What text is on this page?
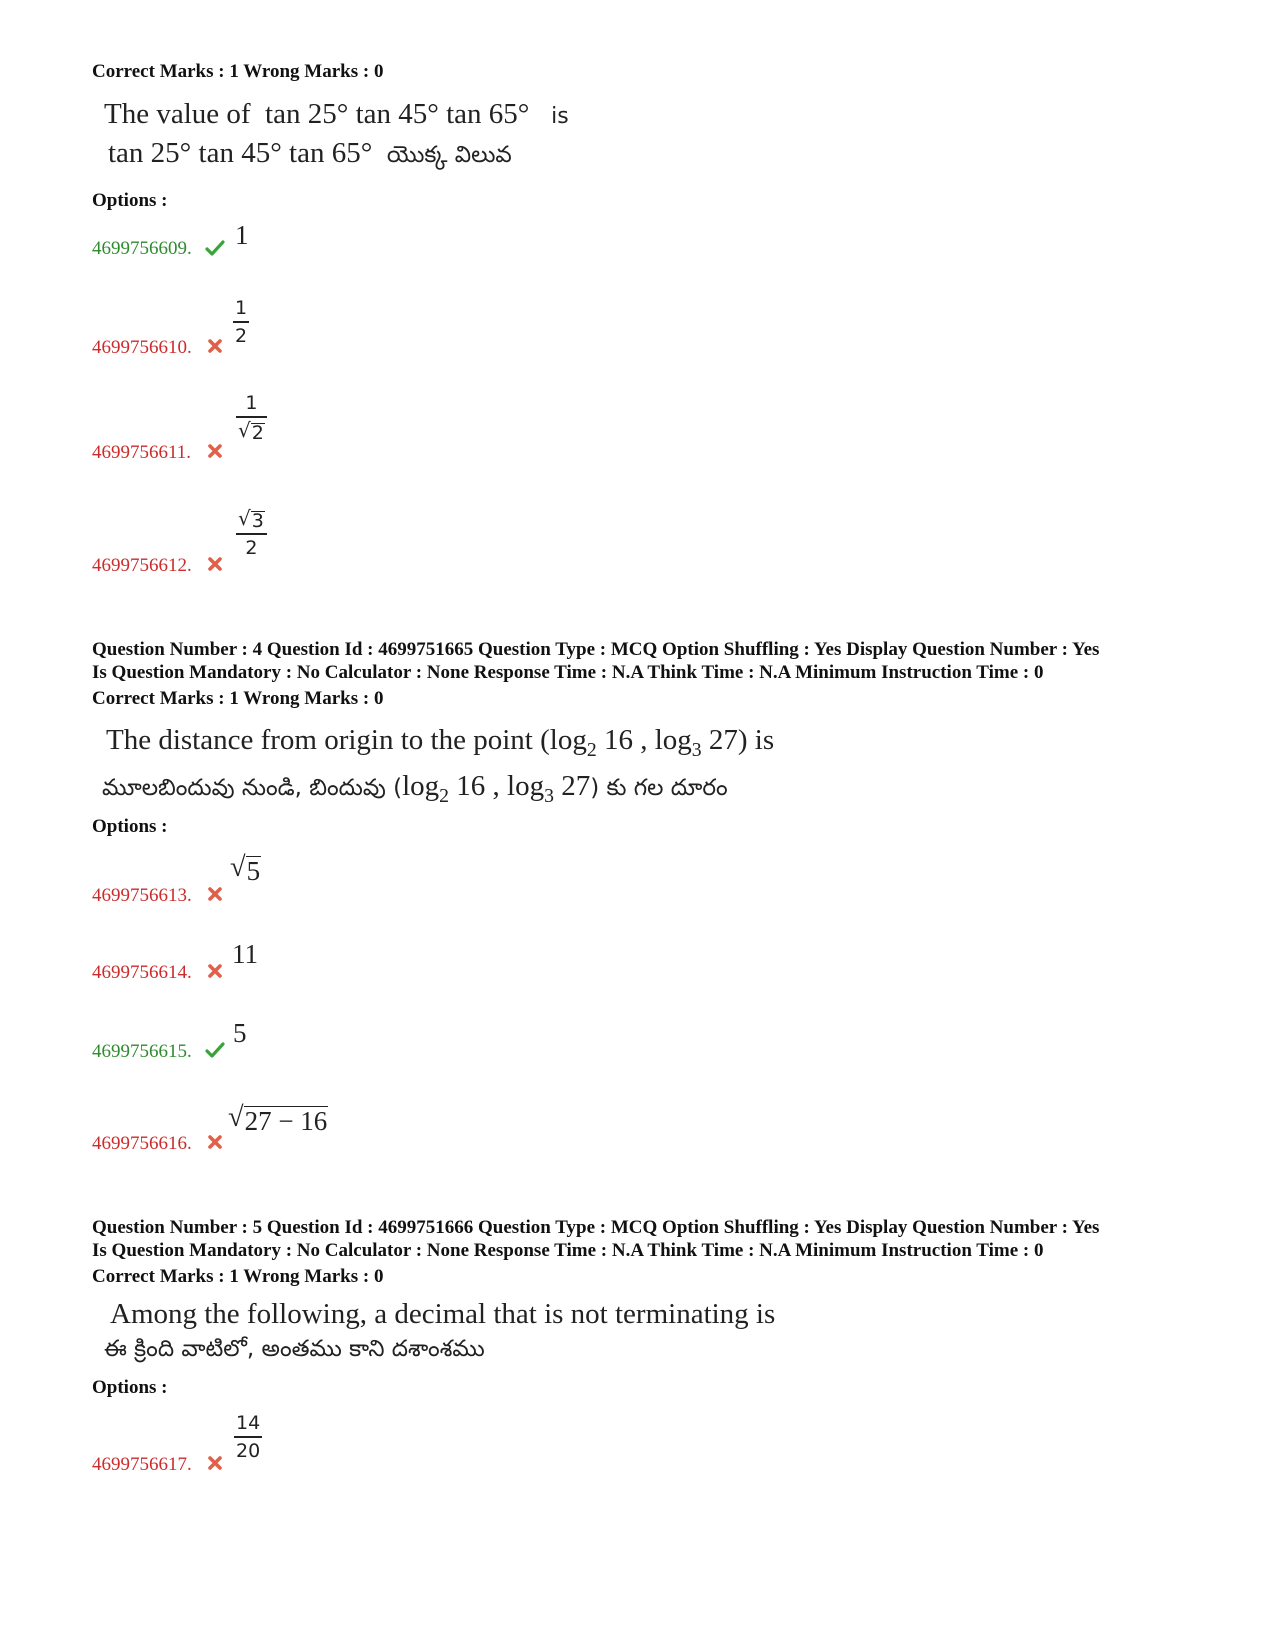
Correct Marks : 1 Wrong Marks : 0
The value of tan 25° tan 45° tan 65° is
tan 25° tan 45° tan 65° యొక్క విలువ
Options :
4699756609. 1
4699756610.
1
2
4699756611.
1
√ 2
4699756612.
√ 3
2
Question Number : 4 Question Id : 4699751665 Question Type : MCQ Option Shuffling : Yes Display Question Number : Yes
Is Question Mandatory : No Calculator : None Response Time : N.A Think Time : N.A Minimum Instruction Time : 0
Correct Marks : 1 Wrong Marks : 0
The distance from origin to the point ($\log_2$ 16 , $\log_3 27$) is
మూలబిందువు నుండి, బిందువు ($\log_2$ 16 , $\log_3 27$) కు గల దూరం
Options :
4699756613.
√ 5
4699756614.
11
4699756615.
5
4699756616.
√ 27 − 16
Question Number : 5 Question Id : 4699751666 Question Type : MCQ Option Shuffling : Yes Display Question Number : Yes
Is Question Mandatory : No Calculator : None Response Time : N.A Think Time : N.A Minimum Instruction Time : 0
Correct Marks : 1 Wrong Marks : 0
Among the following, a decimal that is not terminating is
ఈ క్రింది వాటిలో, అంతము కాని దశాంశము
Options :
4699756617.
14
20
